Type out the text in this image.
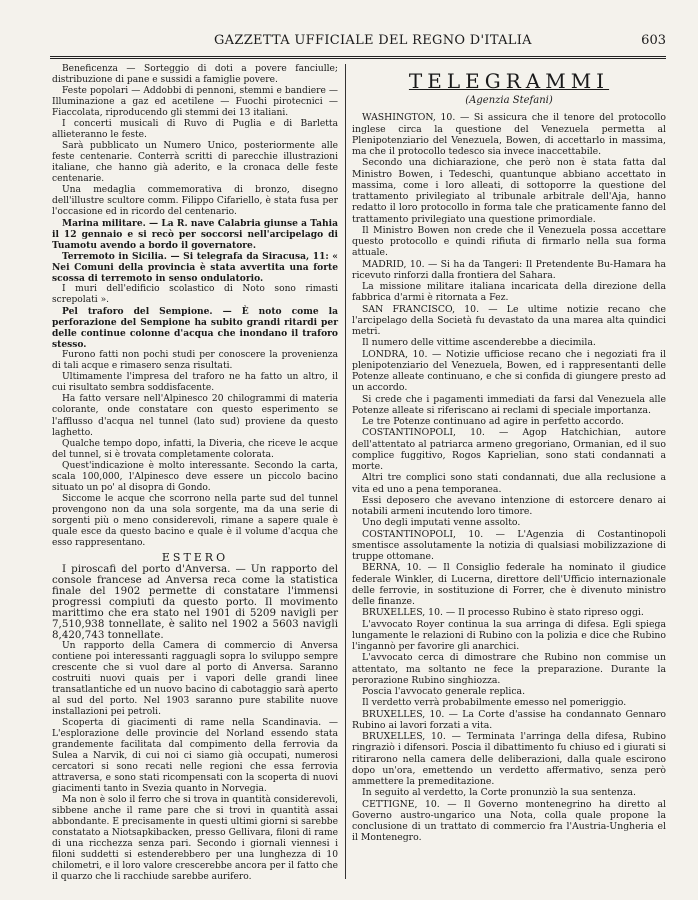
GAZZETTA UFFICIALE DEL REGNO D'ITALIA	603

Beneficenza — Sorteggio di doti a povere fanciulle; distribuzione di pane e sussidi a famiglie povere.

Feste popolari — Addobbi di pennoni, stemmi e bandiere — Illuminazione a gaz ed acetilene — Fuochi pirotecnici — Fiaccolata, riproducendo gli stemmi dei 13 italiani.

I concerti musicali di Ruvo di Puglia e di Barletta allieteranno le feste.

Sarà pubblicato un Numero Unico, posteriormente alle feste centenarie. Conterrà scritti di parecchie illustrazioni italiane, che hanno già aderito, e la cronaca delle feste centenarie.

Una medaglia commemorativa di bronzo, disegno dell'illustre scultore comm. Filippo Cifariello, è stata fusa per l'occasione ed in ricordo del centenario.

Marina militare. — La R. nave Calabria giunse a Tahia il 12 gennaio e si recò per soccorsi nell'arcipelago di Tuamotu avendo a bordo il governatore.

Terremoto in Sicilia. — Si telegrafa da Siracusa, 11: « Nei Comuni della provincia è stata avvertita una forte scossa di terremoto in senso ondulatorio.

I muri dell'edificio scolastico di Noto sono rimasti screpolati ».

Pel traforo del Sempione. — È noto come la perforazione del Sempione ha subito grandi ritardi per delle continue colonne d'acqua che inondano il traforo stesso.

Furono fatti non pochi studi per conoscere la provenienza di tali acque e rimasero senza risultati.

Ultimamente l'impresa del traforo ne ha fatto un altro, il cui risultato sembra soddisfacente.

Ha fatto versare nell'Alpinesco 20 chilogrammi di materia colorante, onde constatare con questo esperimento se l'afflusso d'acqua nel tunnel (lato sud) proviene da questo laghetto.

Qualche tempo dopo, infatti, la Diveria, che riceve le acque del tunnel, si è trovata completamente colorata.

Quest'indicazione è molto interessante. Secondo la carta, scala 100,000, l'Alpinesco deve essere un piccolo bacino situato un po' al disopra di Gondo.

Siccome le acque che scorrono nella parte sud del tunnel provengono non da una sola sorgente, ma da una serie di sorgenti più o meno considerevoli, rimane a sapere quale è quale esce da questo bacino e quale è il volume d'acqua che esso rappresentano.

ESTERO

I piroscafi del porto d'Anversa. — Un rapporto del console francese ad Anversa reca come la statistica finale del 1902 permette di constatare l'immensi progressi compiuti da questo porto. Il movimento marittimo che era stato nel 1901 di 5209 navigli per 7,510,938 tonnellate, è salito nel 1902 a 5603 navigli 8,420,743 tonnellate.

Un rapporto della Camera di commercio di Anversa contiene poi interessanti ragguagli sopra lo sviluppo sempre crescente che si vuol dare al porto di Anversa. Saranno costruiti nuovi quais per i vapori delle grandi linee transatlantiche ed un nuovo bacino di cabotaggio sarà aperto al sud del porto. Nel 1903 saranno pure stabilite nuove installazioni pei petroli.

Scoperta di giacimenti di rame nella Scandinavia. — L'esplorazione delle provincie del Norland essendo stata grandemente facilitata dal compimento della ferrovia da Sulea a Narvik, di cui noi ci siamo già occupati, numerosi cercatori si sono recati nelle regioni che essa ferrovia attraversa, e sono stati ricompensati con la scoperta di nuovi giacimenti tanto in Svezia quanto in Norvegia.

Ma non è solo il ferro che si trova in quantità considerevoli, sibbene anche il rame pare che si trovi in quantità assai abbondante. E precisamente in questi ultimi giorni si sarebbe constatato a Niotsapkibacken, presso Gellivara, filoni di rame di una ricchezza senza pari. Secondo i giornali viennesi i filoni suddetti si estenderebbero per una lunghezza di 10 chilometri, e il loro valore crescerebbe ancora per il fatto che il quarzo che li racchiude sarebbe aurifero.

TELEGRAMMI

(Agenzia Stefani)

WASHINGTON, 10. — Si assicura che il tenore del protocollo inglese circa la questione del Venezuela permetta al Plenipotenziario del Venezuela, Bowen, di accettarlo in massima, ma che il protocollo tedesco sia invece inaccettabile.

Secondo una dichiarazione, che però non è stata fatta dal Ministro Bowen, i Tedeschi, quantunque abbiano accettato in massima, come i loro alleati, di sottoporre la questione del trattamento privilegiato al tribunale arbitrale dell'Aja, hanno redatto il loro protocollo in forma tale che praticamente fanno del trattamento privilegiato una questione primordiale.

Il Ministro Bowen non crede che il Venezuela possa accettare questo protocollo e quindi rifiuta di firmarlo nella sua forma attuale.

MADRID, 10. — Si ha da Tangeri: Il Pretendente Bu-Hamara ha ricevuto rinforzi dalla frontiera del Sahara.

La missione militare italiana incaricata della direzione della fabbrica d'armi è ritornata a Fez.

SAN FRANCISCO, 10. — Le ultime notizie recano che l'arcipelago della Società fu devastato da una marea alta quindici metri.

Il numero delle vittime ascenderebbe a diecimila.

LONDRA, 10. — Notizie ufficiose recano che i negoziati fra il plenipotenziario del Venezuela, Bowen, ed i rappresentanti delle Potenze alleate continuano, e che si confida di giungere presto ad un accordo.

Si crede che i pagamenti immediati da farsi dal Venezuela alle Potenze alleate si riferiscano ai reclami di speciale importanza.

Le tre Potenze continuano ad agire in perfetto accordo.

COSTANTINOPOLI, 10. — Agop Hatchichian, autore dell'attentato al patriarca armeno gregoriano, Ormanian, ed il suo complice fuggitivo, Rogos Kaprielian, sono stati condannati a morte.

Altri tre complici sono stati condannati, due alla reclusione a vita ed uno a pena temporanea.

Essi deposero che avevano intenzione di estorcere denaro ai notabili armeni incutendo loro timore.

Uno degli imputati venne assolto.

COSTANTINOPOLI, 10. — L'Agenzia di Costantinopoli smentisce assolutamente la notizia di qualsiasi mobilizzazione di truppe ottomane.

BERNA, 10. — Il Consiglio federale ha nominato il giudice federale Winkler, di Lucerna, direttore dell'Ufficio internazionale delle ferrovie, in sostituzione di Forrer, che è divenuto ministro delle finanze.

BRUXELLES, 10. — Il processo Rubino è stato ripreso oggi.

L'avvocato Royer continua la sua arringa di difesa. Egli spiega lungamente le relazioni di Rubino con la polizia e dice che Rubino l'ingannò per favorire gli anarchici.

L'avvocato cerca di dimostrare che Rubino non commise un attentato, ma soltanto ne fece la preparazione. Durante la perorazione Rubino singhiozza.

Poscia l'avvocato generale replica.

Il verdetto verrà probabilmente emesso nel pomeriggio.

BRUXELLES, 10. — La Corte d'assise ha condannato Gennaro Rubino ai lavori forzati a vita.

BRUXELLES, 10. — Terminata l'arringa della difesa, Rubino ringraziò i difensori. Poscia il dibattimento fu chiuso ed i giurati si ritirarono nella camera delle deliberazioni, dalla quale escirono dopo un'ora, emettendo un verdetto affermativo, senza però ammettere la premeditazione.

In seguito al verdetto, la Corte pronunziò la sua sentenza.

CETTIGNE, 10. — Il Governo montenegrino ha diretto al Governo austro-ungarico una Nota, colla quale propone la conclusione di un trattato di commercio fra l'Austria-Ungheria el il Montenegro.
